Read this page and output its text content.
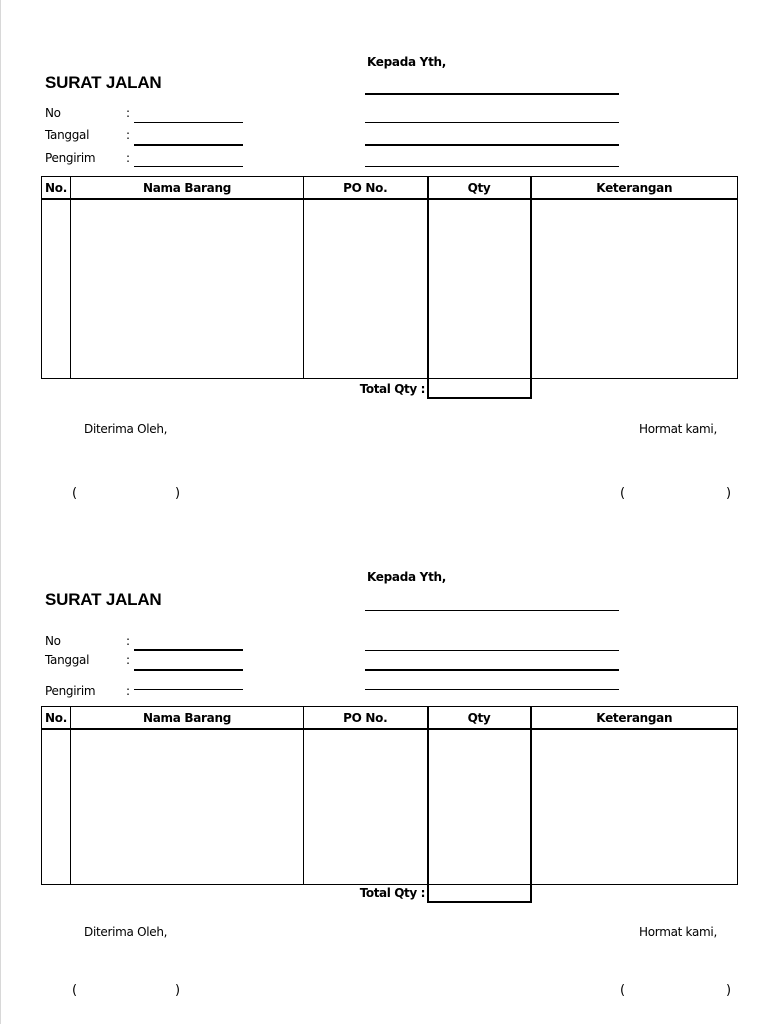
SURAT JALAN
Kepada Yth,
No	:
Tanggal	:
Pengirim	:
No.	Nama Barang	PO No.	Qty	Keterangan

Total Qty :
Diterima Oleh,	Hormat kami,
(	)	(	)
SURAT JALAN
Kepada Yth,
No	:
Tanggal	:
Pengirim	:
No.	Nama Barang	PO No.	Qty	Keterangan

Total Qty :
Diterima Oleh,	Hormat kami,
(	)	(	)
